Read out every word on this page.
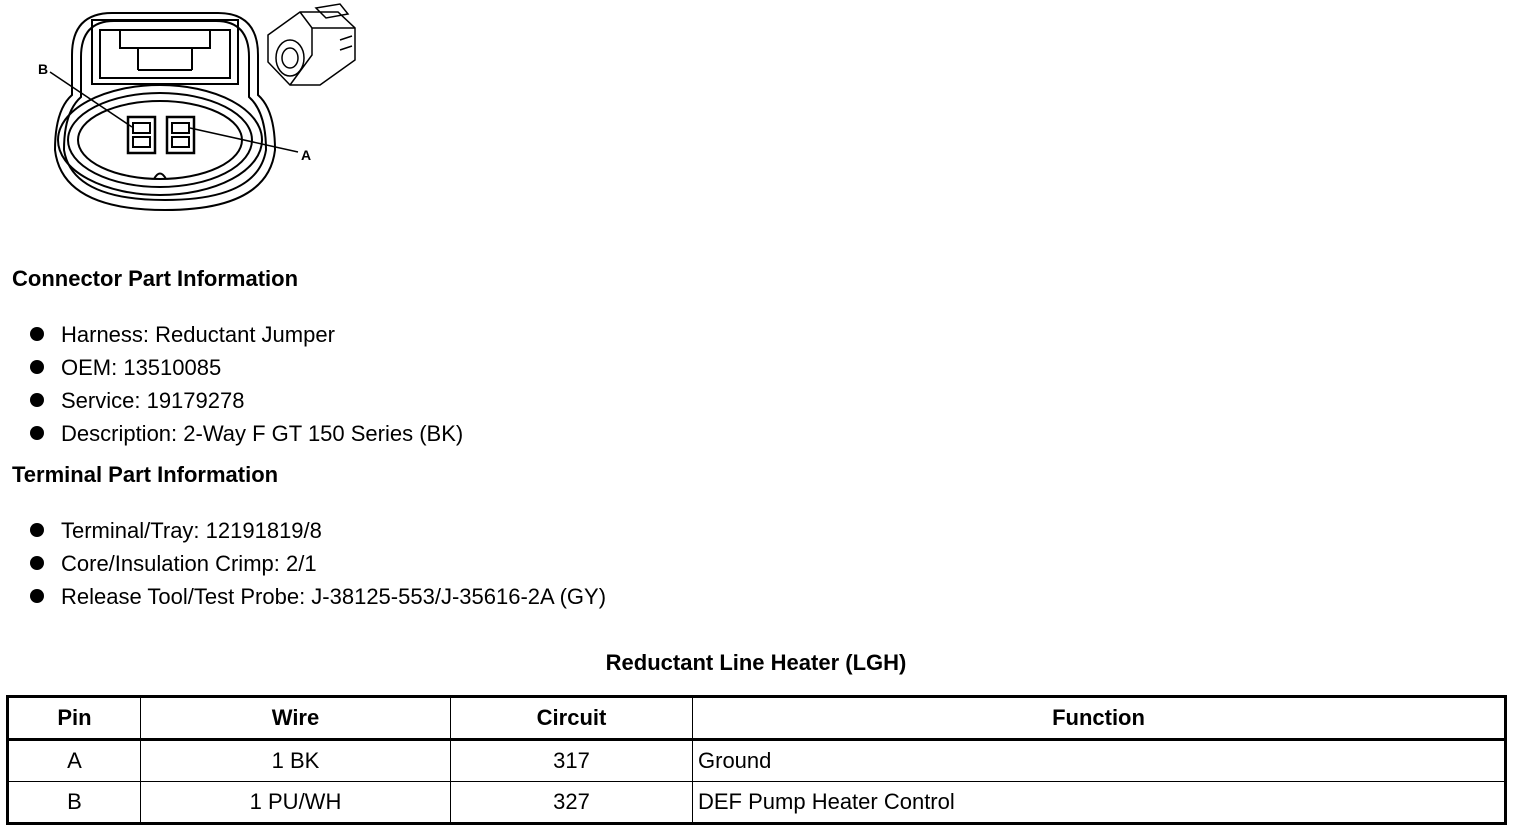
B
A
Connector Part Information
Harness: Reductant Jumper
OEM: 13510085
Service: 19179278
Description: 2-Way F GT 150 Series (BK)
Terminal Part Information
Terminal/Tray: 12191819/8
Core/Insulation Crimp: 2/1
Release Tool/Test Probe: J-38125-553/J-35616-2A (GY)
Reductant Line Heater (LGH)
Pin	Wire	Circuit	Function
A	1 BK	317	Ground
B	1 PU/WH	327	DEF Pump Heater Control
